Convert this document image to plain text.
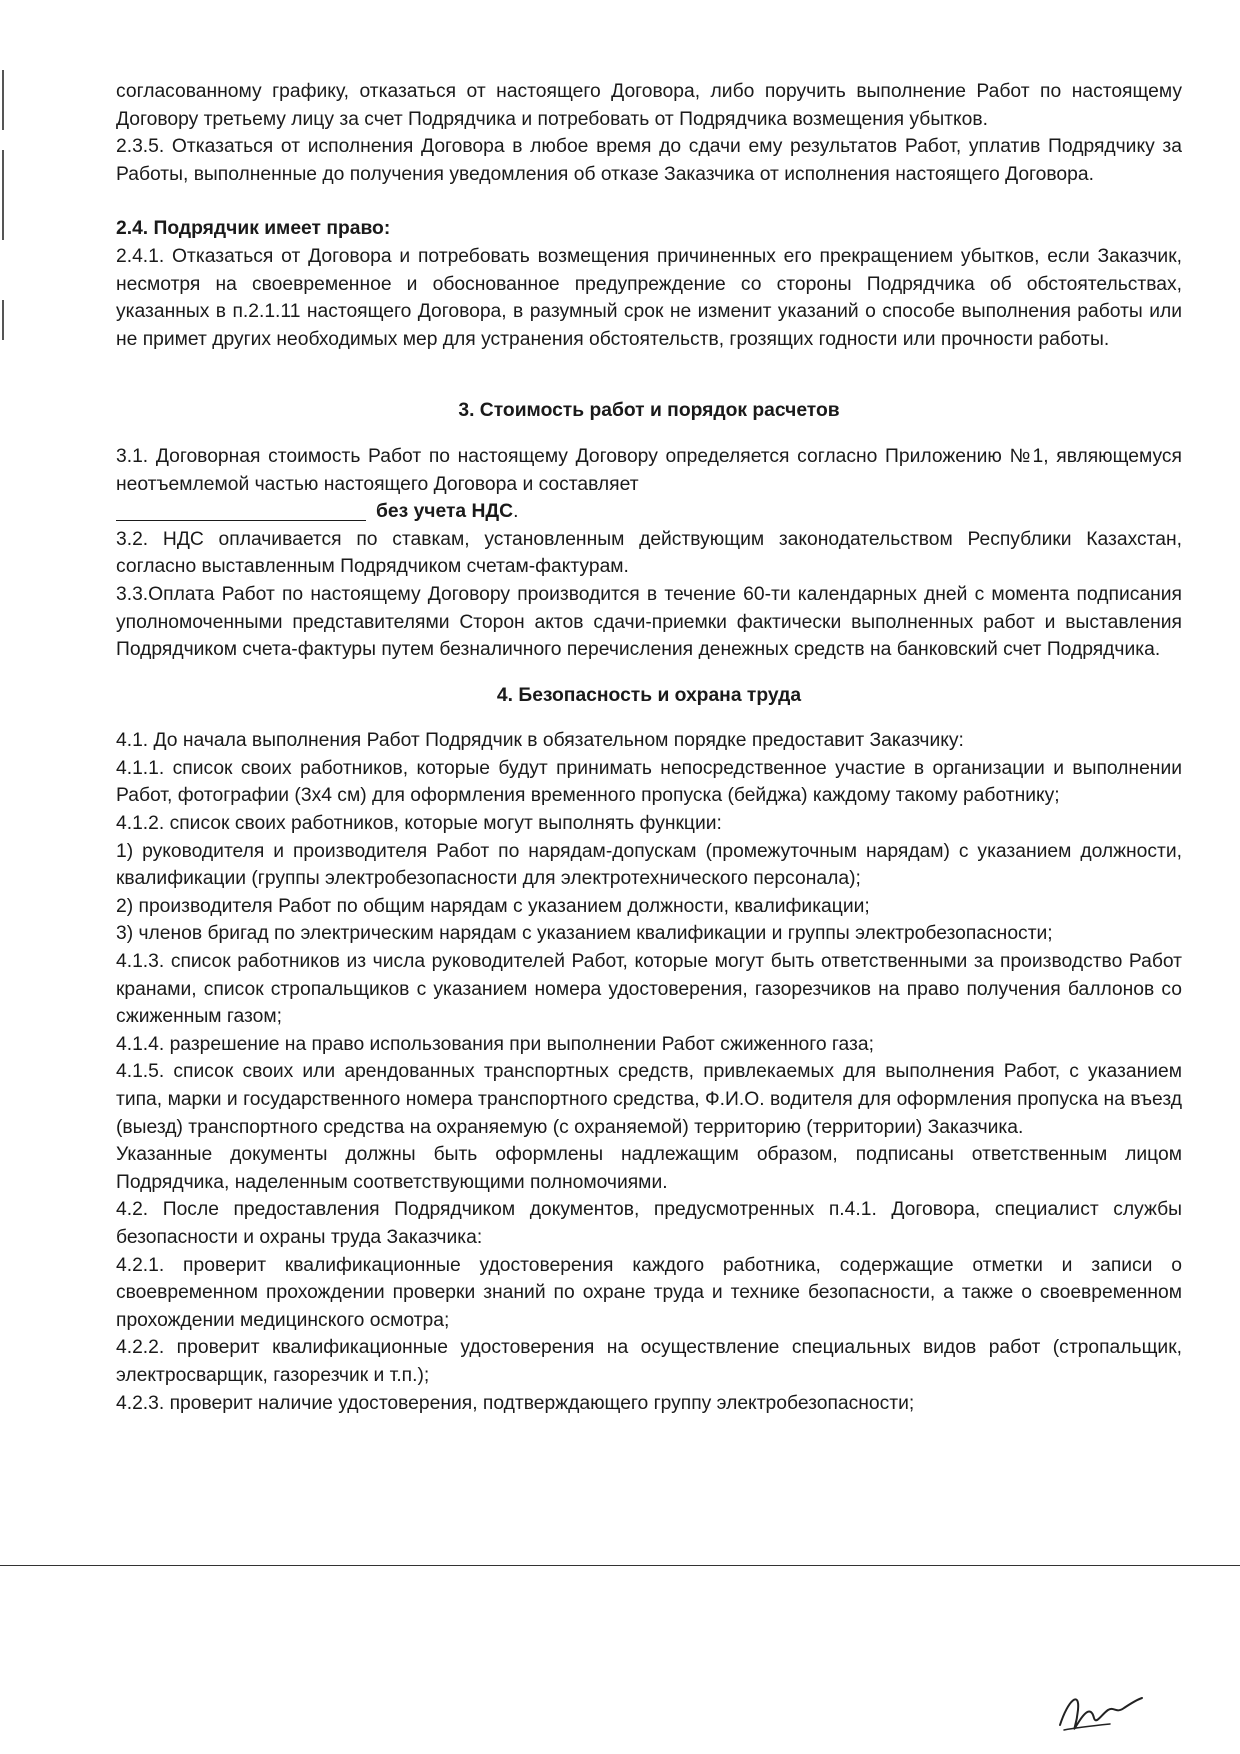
согласованному графику, отказаться от настоящего Договора, либо поручить выполнение Работ по настоящему Договору третьему лицу за счет Подрядчика и потребовать от Подрядчика возмещения убытков.

2.3.5. Отказаться от исполнения Договора в любое время до сдачи ему результатов Работ, уплатив Подрядчику за Работы, выполненные до получения уведомления об отказе Заказчика от исполнения настоящего Договора.

2.4. Подрядчик имеет право:

2.4.1. Отказаться от Договора и потребовать возмещения причиненных его прекращением убытков, если Заказчик, несмотря на своевременное и обоснованное предупреждение со стороны Подрядчика об обстоятельствах, указанных в п.2.1.11 настоящего Договора, в разумный срок не изменит указаний о способе выполнения работы или не примет других необходимых мер для устранения обстоятельств, грозящих годности или прочности работы.

3. Стоимость работ и порядок расчетов

3.1. Договорная стоимость Работ по настоящему Договору определяется согласно Приложению №1, являющемуся неотъемлемой частью настоящего Договора и составляет

без учета НДС.

3.2. НДС оплачивается по ставкам, установленным действующим законодательством Республики Казахстан, согласно выставленным Подрядчиком счетам-фактурам.

3.3.Оплата Работ по настоящему Договору производится в течение 60-ти календарных дней с момента подписания уполномоченными представителями Сторон актов сдачи-приемки фактически выполненных работ и выставления Подрядчиком счета-фактуры путем безналичного перечисления денежных средств на банковский счет Подрядчика.

4. Безопасность и охрана труда

4.1. До начала выполнения Работ Подрядчик в обязательном порядке предоставит Заказчику:

4.1.1. список своих работников, которые будут принимать непосредственное участие в организации и выполнении Работ, фотографии (3х4 см) для оформления временного пропуска (бейджа) каждому такому работнику;

4.1.2. список своих работников, которые могут выполнять функции:

1) руководителя и производителя Работ по нарядам-допускам (промежуточным нарядам) с указанием должности, квалификации (группы электробезопасности для электротехнического персонала);

2) производителя Работ по общим нарядам с указанием должности, квалификации;

3) членов бригад по электрическим нарядам с указанием квалификации и группы электробезопасности;

4.1.3. список работников из числа руководителей Работ, которые могут быть ответственными за производство Работ кранами, список стропальщиков с указанием номера удостоверения, газорезчиков на право получения баллонов со сжиженным газом;

4.1.4. разрешение на право использования при выполнении Работ сжиженного газа;

4.1.5. список своих или арендованных транспортных средств, привлекаемых для выполнения Работ, с указанием типа, марки и государственного номера транспортного средства, Ф.И.О. водителя для оформления пропуска на въезд (выезд) транспортного средства на охраняемую (с охраняемой) территорию (территории) Заказчика.

Указанные документы должны быть оформлены надлежащим образом, подписаны ответственным лицом Подрядчика, наделенным соответствующими полномочиями.

4.2. После предоставления Подрядчиком документов, предусмотренных п.4.1. Договора, специалист службы безопасности и охраны труда Заказчика:

4.2.1. проверит квалификационные удостоверения каждого работника, содержащие отметки и записи о своевременном прохождении проверки знаний по охране труда и технике безопасности, а также о своевременном прохождении медицинского осмотра;

4.2.2. проверит квалификационные удостоверения на осуществление специальных видов работ (стропальщик, электросварщик, газорезчик и т.п.);

4.2.3. проверит наличие удостоверения, подтверждающего группу электробезопасности;
